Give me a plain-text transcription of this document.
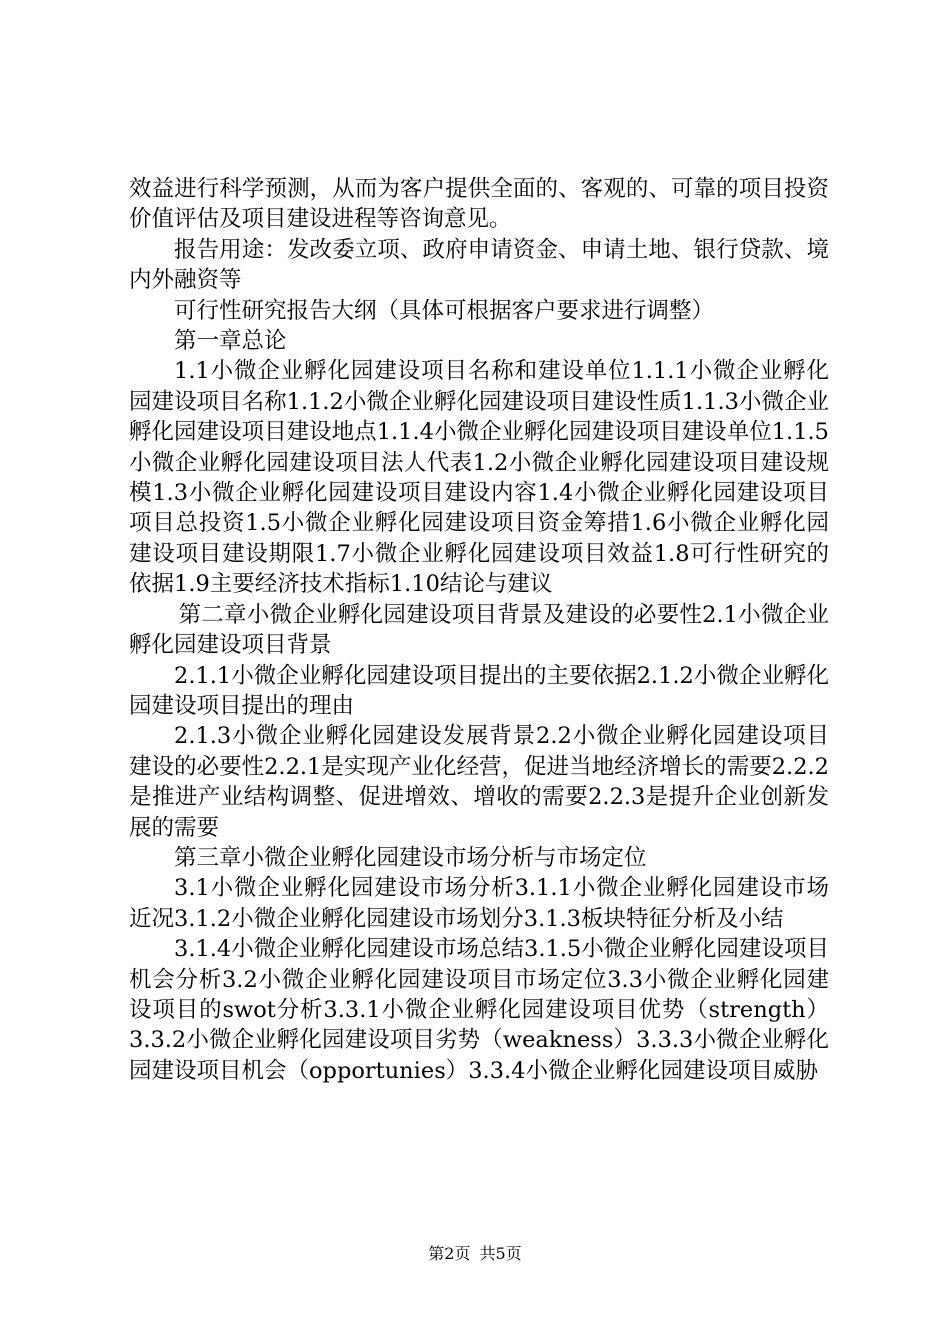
效益进行科学预测，从而为客户提供全面的、客观的、可靠的项目投资价值评估及项目建设进程等咨询意见。

报告用途：发改委立项、政府申请资金、申请土地、银行贷款、境内外融资等

可行性研究报告大纲（具体可根据客户要求进行调整）

第一章总论

1.1小微企业孵化园建设项目名称和建设单位1.1.1小微企业孵化园建设项目名称1.1.2小微企业孵化园建设项目建设性质1.1.3小微企业孵化园建设项目建设地点1.1.4小微企业孵化园建设项目建设单位1.1.5小微企业孵化园建设项目法人代表1.2小微企业孵化园建设项目建设规模1.3小微企业孵化园建设项目建设内容1.4小微企业孵化园建设项目项目总投资1.5小微企业孵化园建设项目资金筹措1.6小微企业孵化园建设项目建设期限1.7小微企业孵化园建设项目效益1.8可行性研究的依据1.9主要经济技术指标1.10结论与建议

第二章小微企业孵化园建设项目背景及建设的必要性2.1小微企业孵化园建设项目背景

2.1.1小微企业孵化园建设项目提出的主要依据2.1.2小微企业孵化园建设项目提出的理由

2.1.3小微企业孵化园建设发展背景2.2小微企业孵化园建设项目建设的必要性2.2.1是实现产业化经营，促进当地经济增长的需要2.2.2是推进产业结构调整、促进增效、增收的需要2.2.3是提升企业创新发展的需要

第三章小微企业孵化园建设市场分析与市场定位

3.1小微企业孵化园建设市场分析3.1.1小微企业孵化园建设市场近况3.1.2小微企业孵化园建设市场划分3.1.3板块特征分析及小结

3.1.4小微企业孵化园建设市场总结3.1.5小微企业孵化园建设项目机会分析3.2小微企业孵化园建设项目市场定位3.3小微企业孵化园建设项目的swot分析3.3.1小微企业孵化园建设项目优势（strength）3.3.2小微企业孵化园建设项目劣势（weakness）3.3.3小微企业孵化园建设项目机会（opportunies）3.3.4小微企业孵化园建设项目威胁

第2页 共5页
